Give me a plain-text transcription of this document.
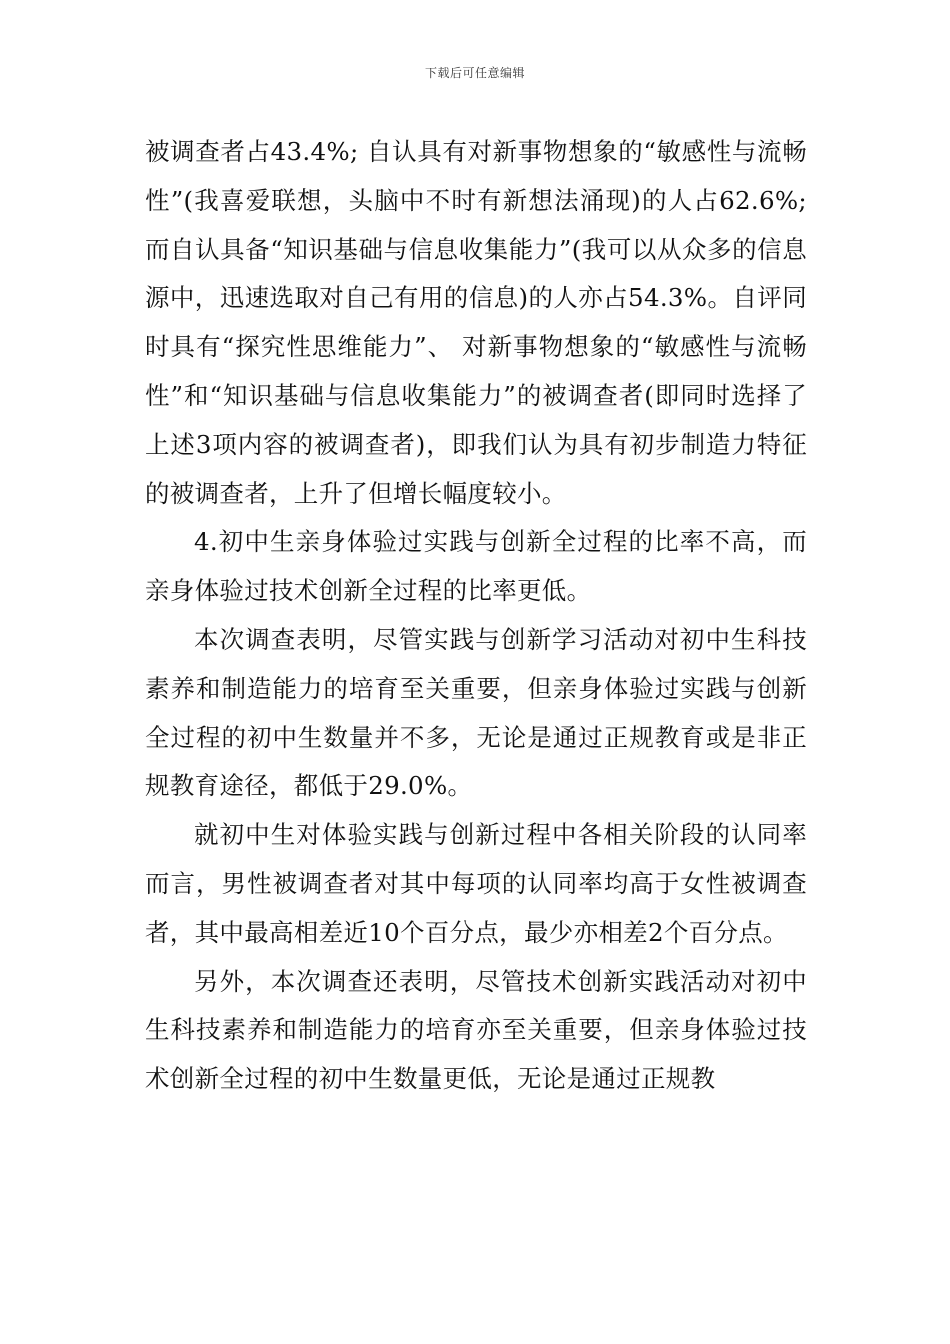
下载后可任意编辑

被调查者占43.4%; 自认具有对新事物想象的“敏感性与流畅性”(我喜爱联想，头脑中不时有新想法涌现)的人占62.6%;而自认具备“知识基础与信息收集能力”(我可以从众多的信息源中，迅速选取对自己有用的信息)的人亦占54.3%。自评同时具有“探究性思维能力”、 对新事物想象的“敏感性与流畅性”和“知识基础与信息收集能力”的被调查者(即同时选择了上述3项内容的被调查者)，即我们认为具有初步制造力特征的被调查者，上升了但增长幅度较小。

4.初中生亲身体验过实践与创新全过程的比率不高，而亲身体验过技术创新全过程的比率更低。

本次调查表明，尽管实践与创新学习活动对初中生科技素养和制造能力的培育至关重要，但亲身体验过实践与创新全过程的初中生数量并不多，无论是通过正规教育或是非正规教育途径，都低于29.0%。

就初中生对体验实践与创新过程中各相关阶段的认同率而言，男性被调查者对其中每项的认同率均高于女性被调查者，其中最高相差近10个百分点，最少亦相差2个百分点。

另外，本次调查还表明，尽管技术创新实践活动对初中生科技素养和制造能力的培育亦至关重要，但亲身体验过技术创新全过程的初中生数量更低，无论是通过正规教
